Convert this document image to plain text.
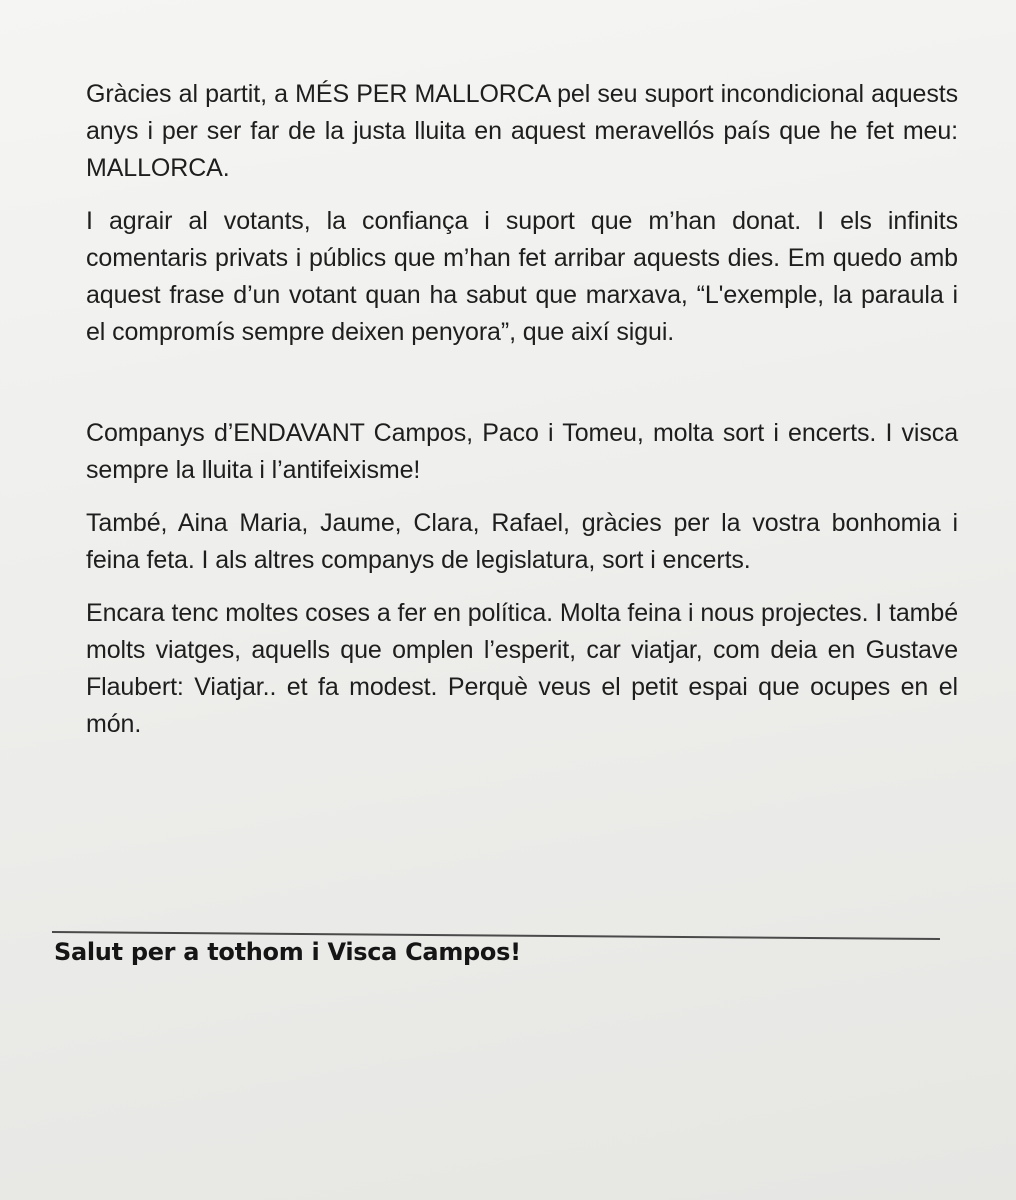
Gràcies al partit, a MÉS PER MALLORCA pel seu suport incondicional aquests anys i per ser far de la justa lluita en aquest meravellós país que he fet meu: MALLORCA.

I agrair al votants, la confiança i suport que m’han donat. I els infinits comentaris privats i públics que m’han fet arribar aquests dies. Em quedo amb aquest frase d’un votant quan ha sabut que marxava, “L'exemple, la paraula i el compromís sempre deixen penyora”, que així sigui.

Companys d’ENDAVANT Campos, Paco i Tomeu, molta sort i encerts. I visca sempre la lluita i l’antifeixisme!

També, Aina Maria, Jaume, Clara, Rafael, gràcies per la vostra bonhomia i feina feta. I als altres companys de legislatura, sort i encerts.

Encara tenc moltes coses a fer en política. Molta feina i nous projectes. I també molts viatges, aquells que omplen l’esperit, car viatjar, com deia en Gustave Flaubert: Viatjar.. et fa modest. Perquè veus el petit espai que ocupes en el món.

Salut per a tothom i Visca Campos!
